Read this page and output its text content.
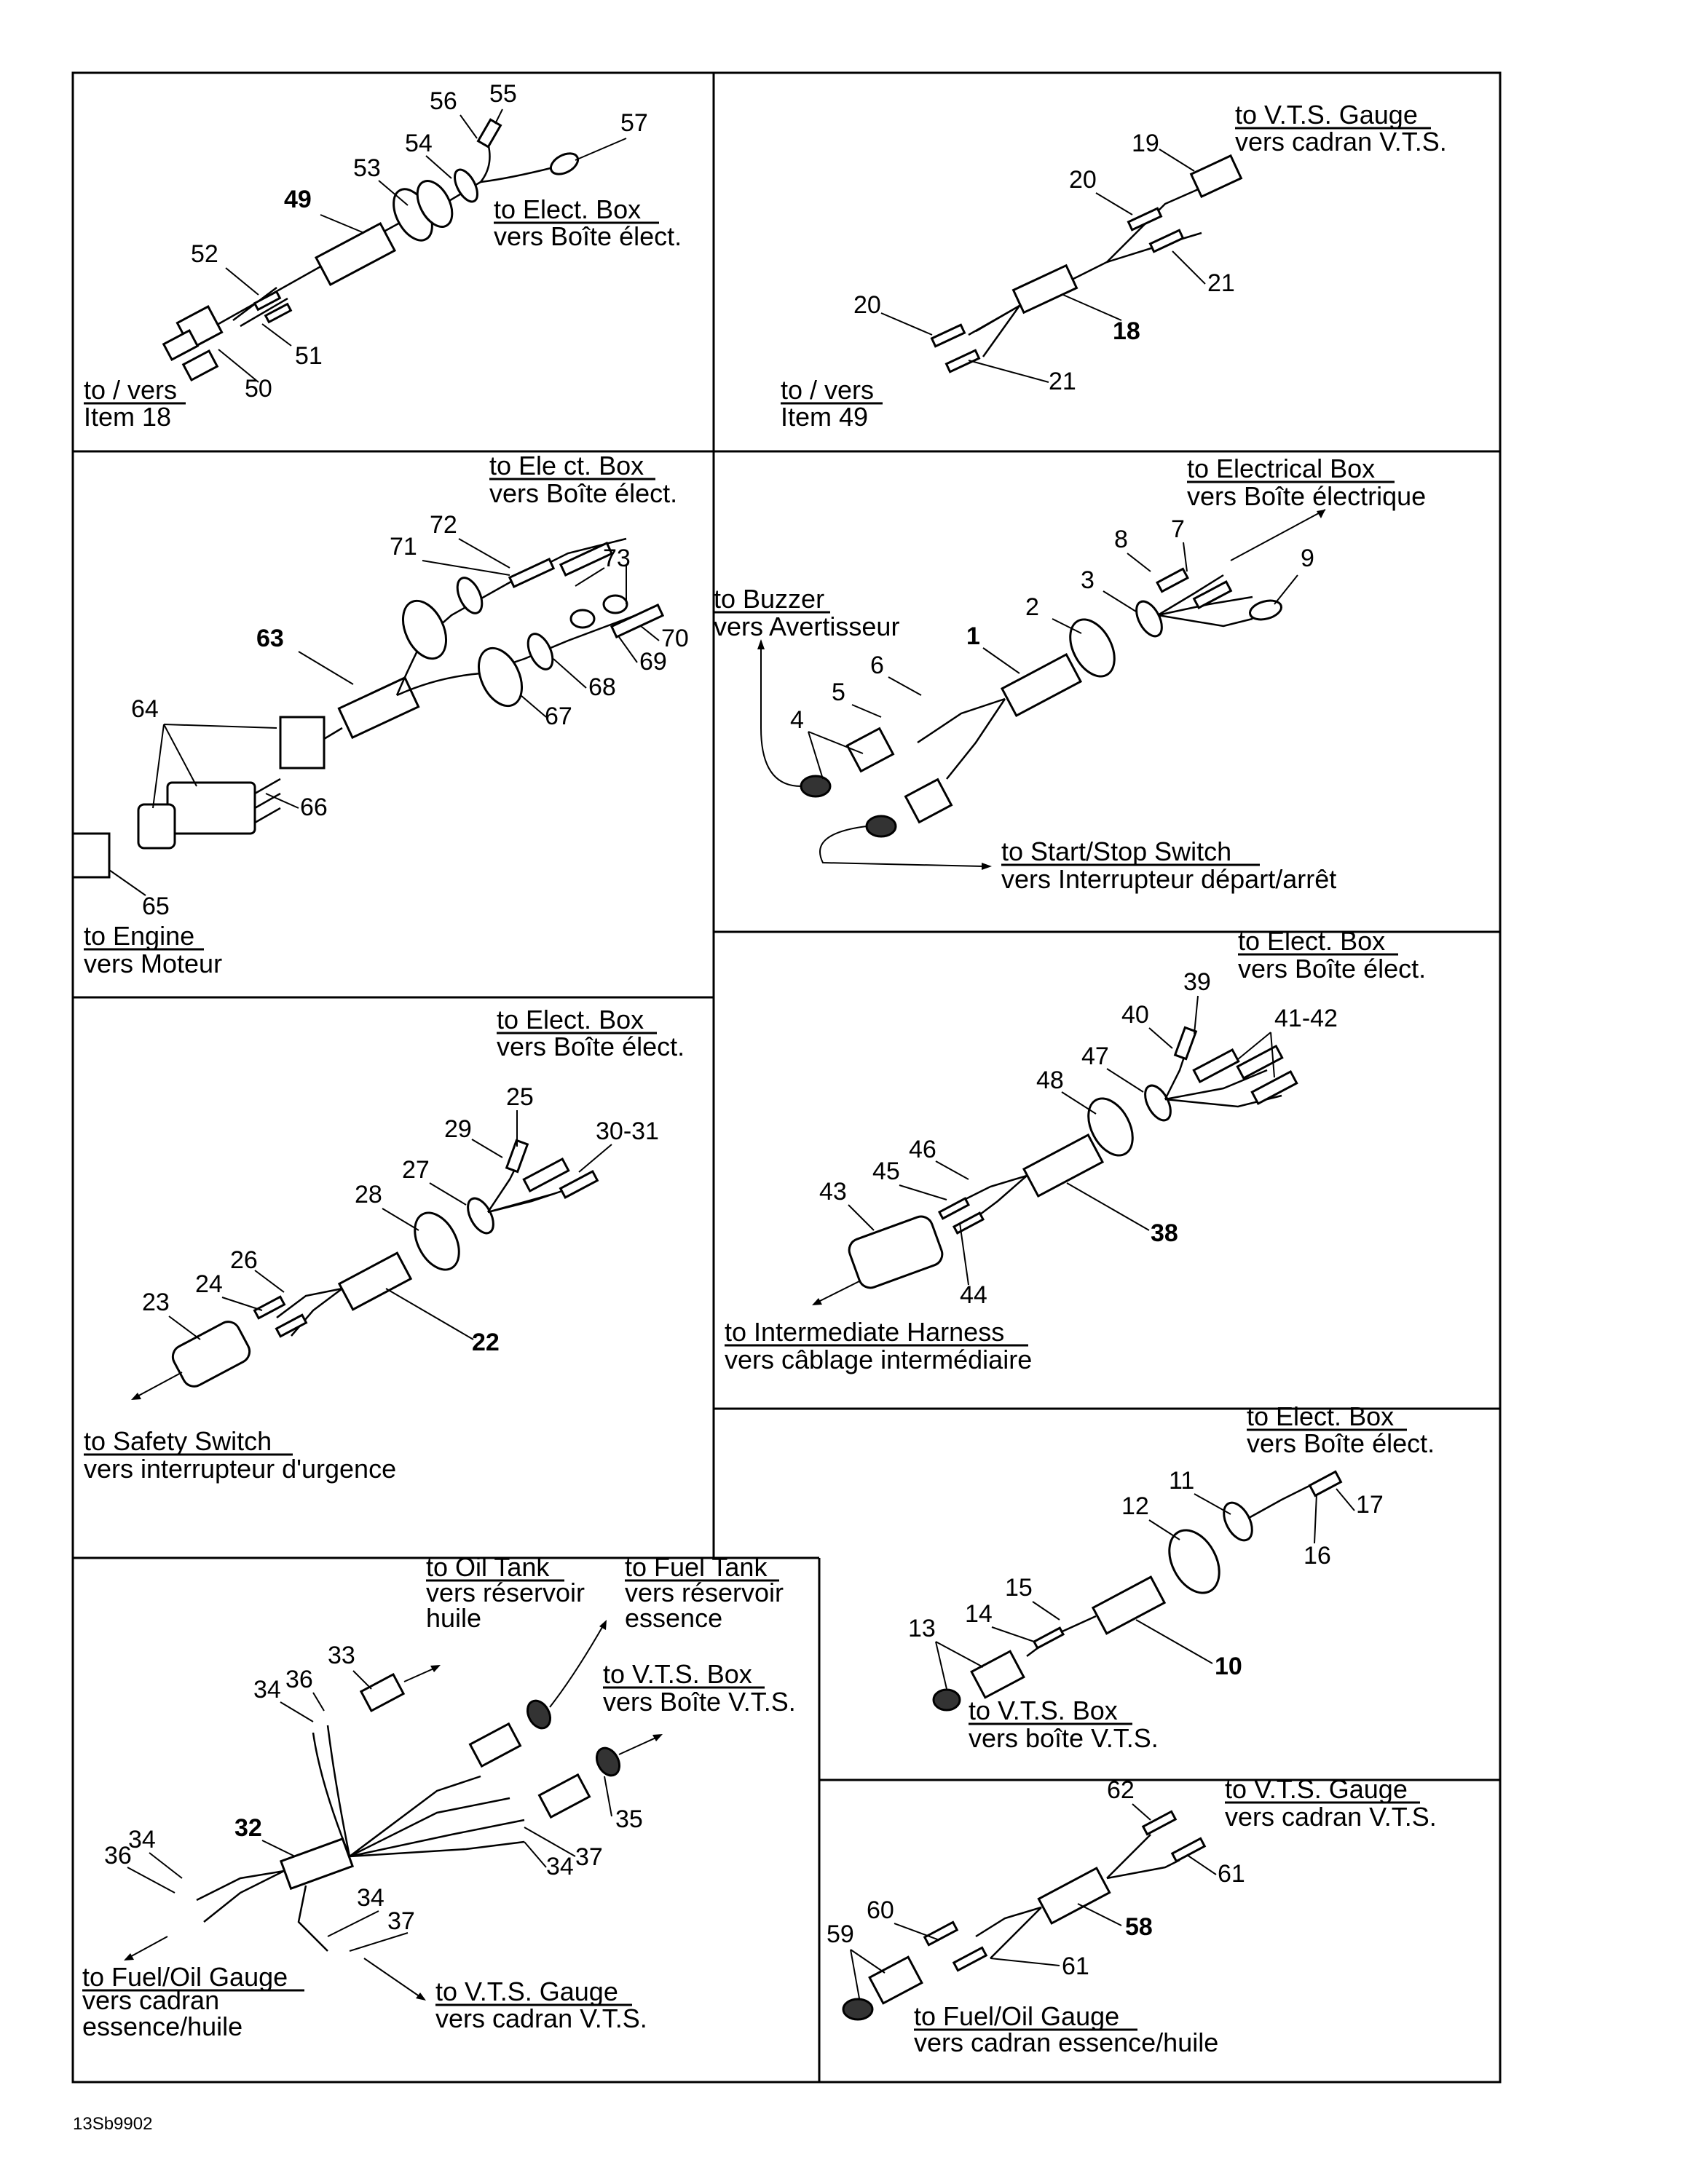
56 55
57
54
53
49
52
51
50
to Elect. Box
vers Boîte élect.
to / vers
Item 18
19
20
21
18
20
21
to V.T.S. Gauge
vers cadran V.T.S.
to / vers
Item 49
72
71	73
70
69
68
67
63
64
66
65
to Ele ct. Box
vers Boîte élect.
to Engine
vers Moteur
8 7
9
3
2
1
6
5
4
to Electrical Box
vers Boîte électrique
to Buzzer
vers Avertisseur
to Start/Stop Switch
vers Interrupteur départ/arrêt
25
29	30-31
27
28
26
24
23
22
to Elect. Box
vers Boîte élect.
to Safety Switch
vers interrupteur d'urgence
39
40	41-42
47
48
46
45
43
38
44
to Elect. Box
vers Boîte élect.
to Intermediate Harness
vers câblage intermédiaire
11
17
12
16
15
14
13
10
to Elect. Box
vers Boîte élect.
to V.T.S. Box
vers boîte V.T.S.
33
36
34
35
32
37
34
34
36
34
37
to Oil Tank
vers réservoir
huile
to Fuel Tank
vers réservoir
essence
to V.T.S. Box
vers Boîte V.T.S.
to Fuel/Oil Gauge
vers cadran
essence/huile
to V.T.S. Gauge
vers cadran V.T.S.
62
61
60
58
59
61
to V.T.S. Gauge
vers cadran V.T.S.
to Fuel/Oil Gauge
vers cadran essence/huile
13Sb9902
